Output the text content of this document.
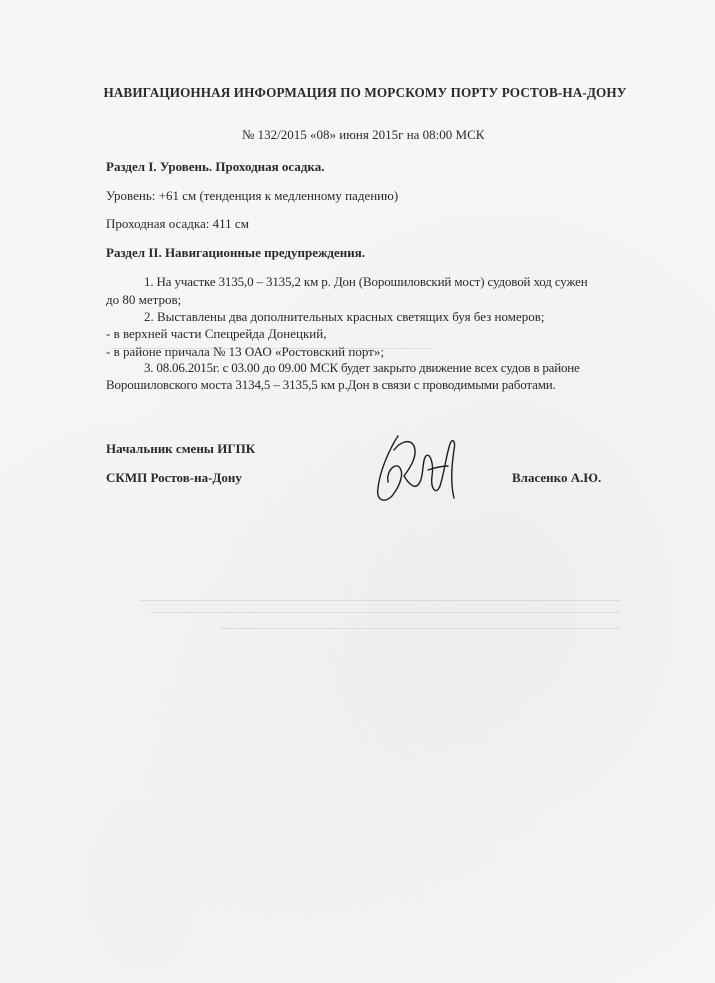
НАВИГАЦИОННАЯ ИНФОРМАЦИЯ ПО МОРСКОМУ ПОРТУ РОСТОВ-НА-ДОНУ
№ 132/2015 «08» июня 2015г на 08:00 МСК
Раздел I. Уровень. Проходная осадка.
Уровень: +61 см (тенденция к медленному падению)
Проходная осадка: 411 см
Раздел II. Навигационные предупреждения.
1. На участке 3135,0 – 3135,2 км р. Дон (Ворошиловский мост) судовой ход сужен
до 80 метров;
2. Выставлены два дополнительных красных светящих буя без номеров;
- в верхней части Спецрейда Донецкий,
- в районе причала № 13 ОАО «Ростовский порт»;
3. 08.06.2015г. с 03.00 до 09.00 МСК будет закрыто движение всех судов в районе
Ворошиловского моста 3134,5 – 3135,5 км р.Дон в связи с проводимыми работами.
Начальник смены ИГПК
СКМП Ростов-на-Дону	Власенко А.Ю.
